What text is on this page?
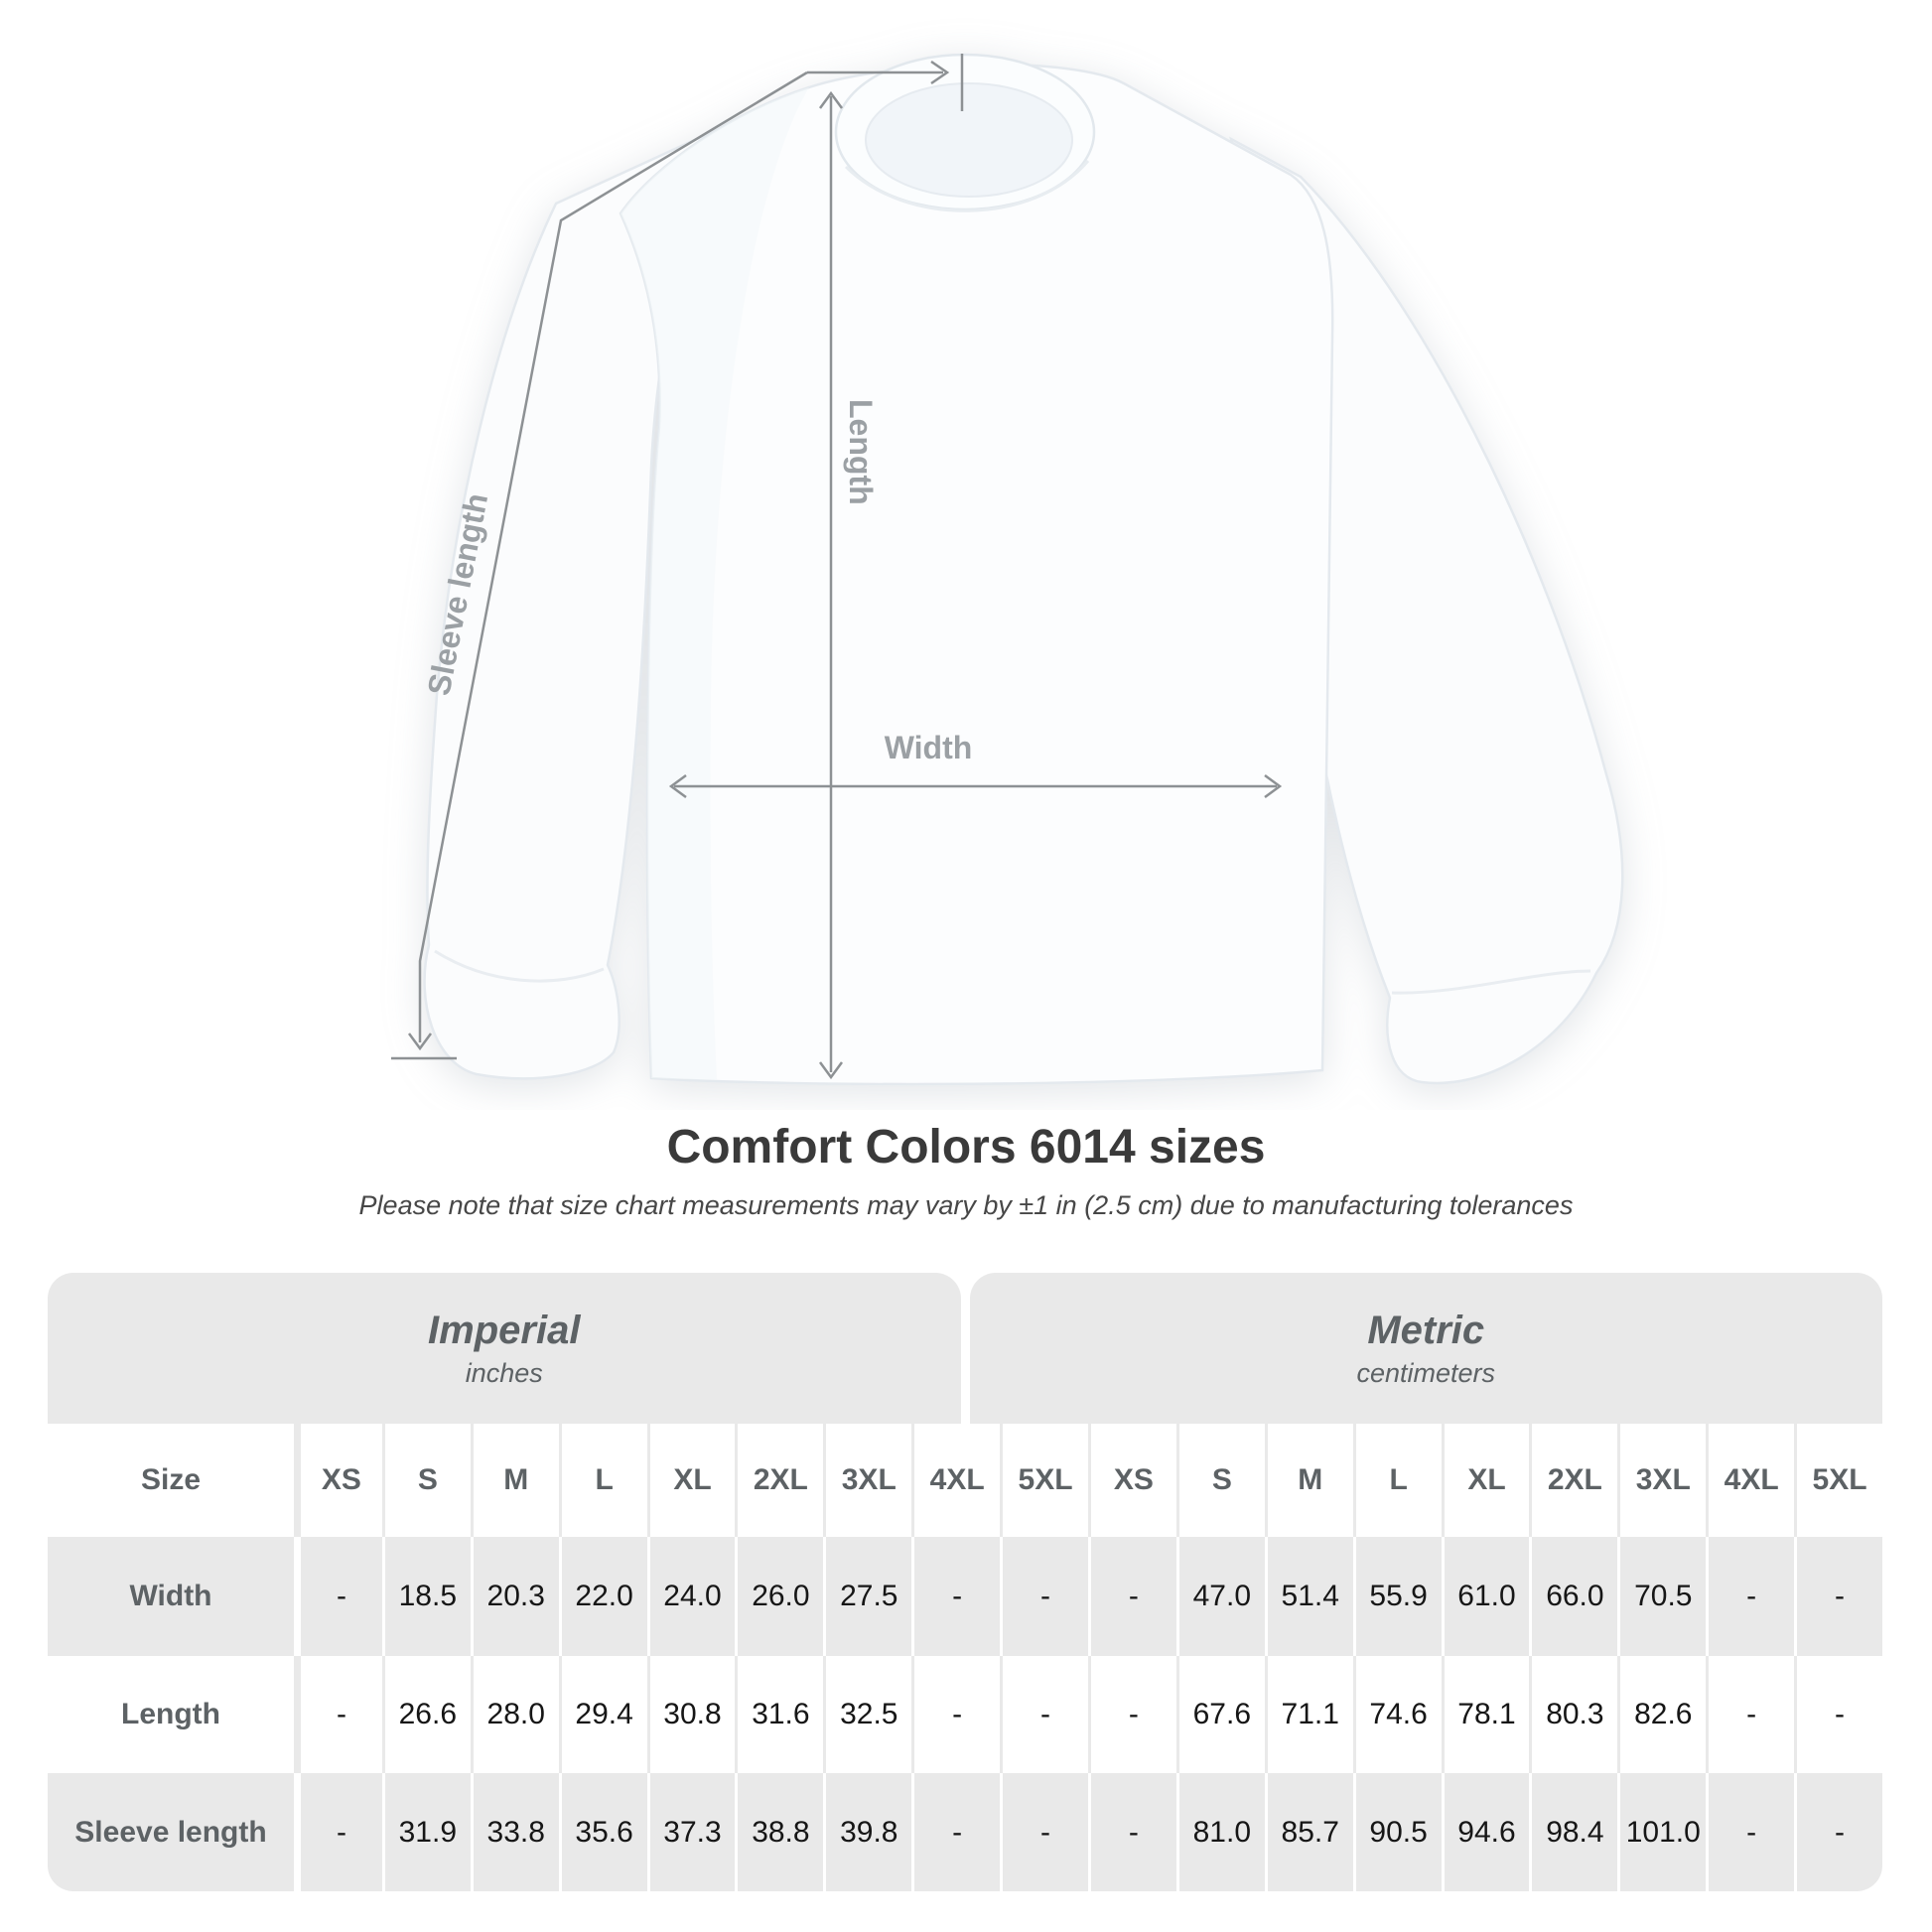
Width
Length
Sleeve length
Comfort Colors 6014 sizes

Please note that size chart measurements may vary by ±1 in (2.5 cm) due to manufacturing tolerances

Imperial
inches
Metric
centimeters
Size	XS	S	M	L	XL	2XL	3XL	4XL	5XL	XS	S	M	L	XL	2XL	3XL	4XL	5XL
Width	-	18.5	20.3	22.0	24.0	26.0	27.5	-	-	-	47.0	51.4	55.9	61.0	66.0	70.5	-	-
Length	-	26.6	28.0	29.4	30.8	31.6	32.5	-	-	-	67.6	71.1	74.6	78.1	80.3	82.6	-	-
Sleeve length	-	31.9	33.8	35.6	37.3	38.8	39.8	-	-	-	81.0	85.7	90.5	94.6	98.4 101.0	-	-
